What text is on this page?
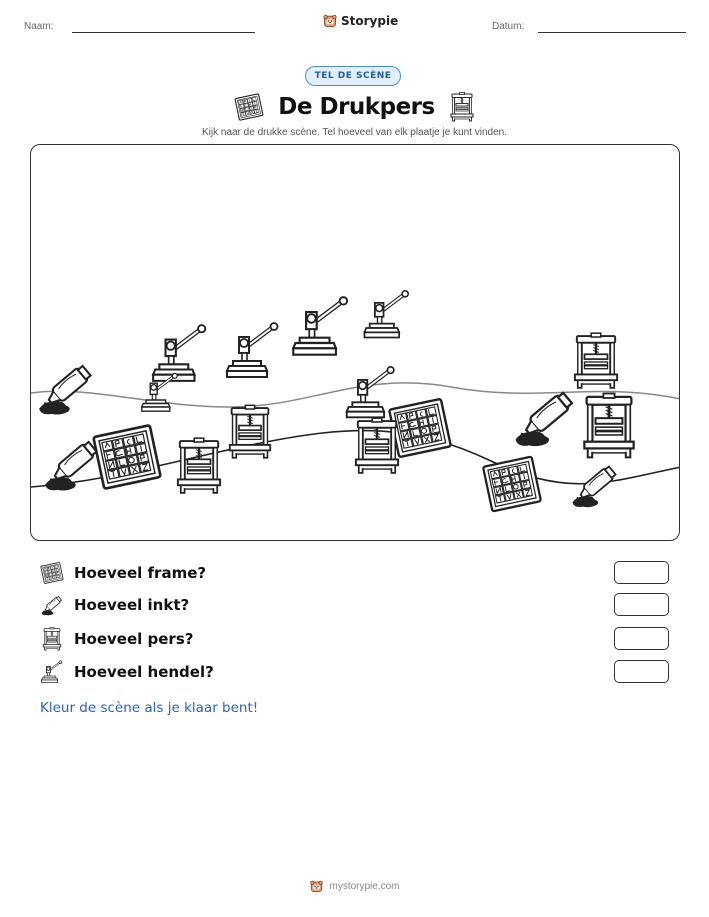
Naam:	Storypie	Datum:
TEL DE SCÈNE
De Drukpers
Kijk naar de drukke scène. Tel hoeveel van elk plaatje je kunt vinden.
Hoeveel frame?
Hoeveel inkt?
Hoeveel pers?
Hoeveel hendel?
Kleur de scène als je klaar bent!
mystorypie.com
